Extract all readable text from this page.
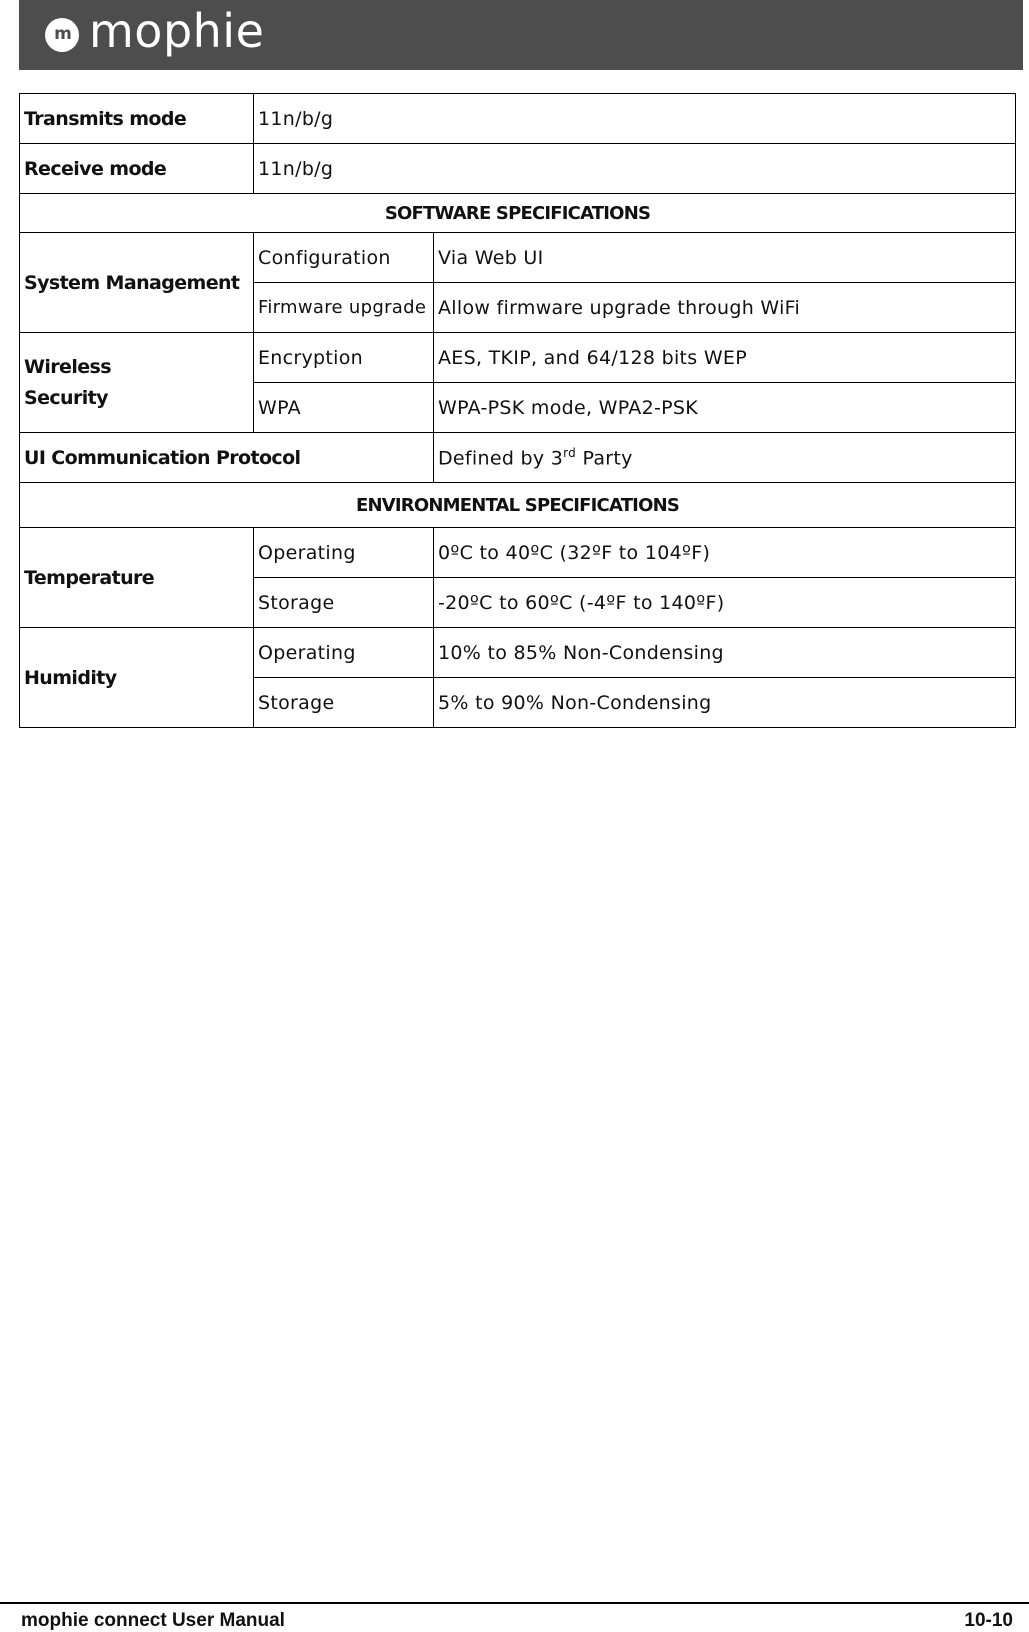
m mophie
Transmits mode	11n/b/g	
Receive mode	11n/b/g	
SOFTWARE SPECIFICATIONS		
System Management	Configuration	Via Web UI
	Firmware upgrade	Allow firmware upgrade through WiFi
Wireless
Security	Encryption	AES, TKIP, and 64/128 bits WEP
	WPA	WPA-PSK mode, WPA2-PSK
UI Communication Protocol		Defined by 3rd Party
ENVIRONMENTAL SPECIFICATIONS		
Temperature	Operating	0ºC to 40ºC (32ºF to 104ºF)
	Storage	-20ºC to 60ºC (-4ºF to 140ºF)
Humidity	Operating	10% to 85% Non-Condensing
	Storage	5% to 90% Non-Condensing
mophie connect User Manual	10-10
